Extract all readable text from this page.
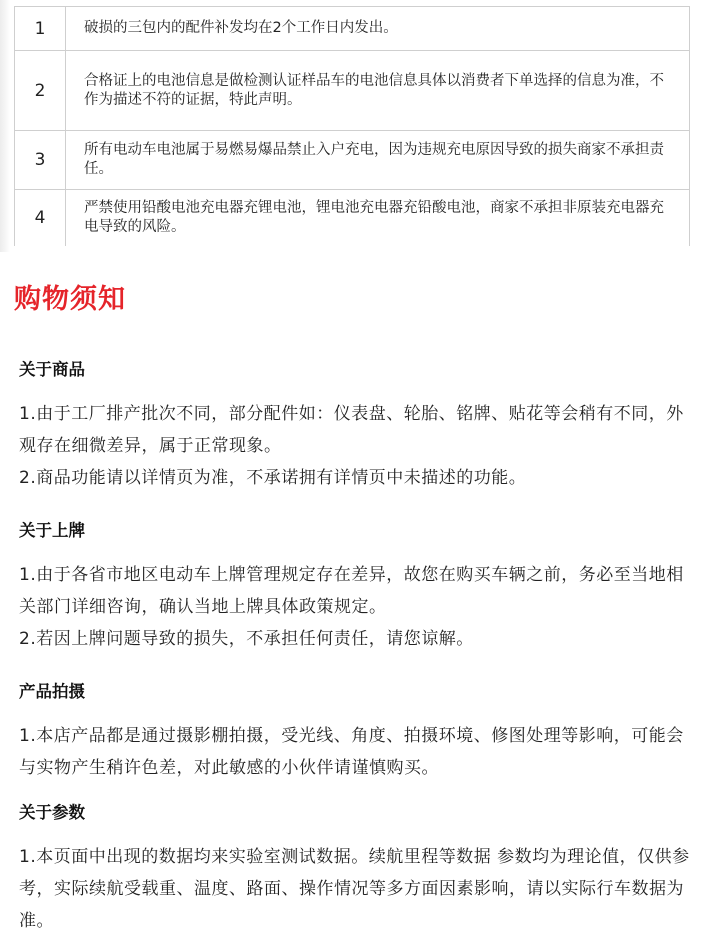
1	破损的三包内的配件补发均在2个工作日内发出。
2	合格证上的电池信息是做检测认证样品车的电池信息具体以消费者下单选择的信息为准，不作为描述不符的证据，特此声明。
3	所有电动车电池属于易燃易爆品禁止入户充电，因为违规充电原因导致的损失商家不承担责任。
4	严禁使用铅酸电池充电器充锂电池，锂电池充电器充铅酸电池，商家不承担非原装充电器充电导致的风险。
购物须知
关于商品

1.由于工厂排产批次不同，部分配件如：仪表盘、轮胎、铭牌、贴花等会稍有不同，外观存在细微差异，属于正常现象。

2.商品功能请以详情页为准，不承诺拥有详情页中未描述的功能。

关于上牌

1.由于各省市地区电动车上牌管理规定存在差异，故您在购买车辆之前，务必至当地相关部门详细咨询，确认当地上牌具体政策规定。

2.若因上牌问题导致的损失，不承担任何责任，请您谅解。

产品拍摄

1.本店产品都是通过摄影棚拍摄，受光线、角度、拍摄环境、修图处理等影响，可能会与实物产生稍许色差，对此敏感的小伙伴请谨慎购买。

关于参数

1.本页面中出现的数据均来实验室测试数据。续航里程等数据 参数均为理论值，仅供参考，实际续航受载重、温度、路面、操作情况等多方面因素影响，请以实际行车数据为准。
